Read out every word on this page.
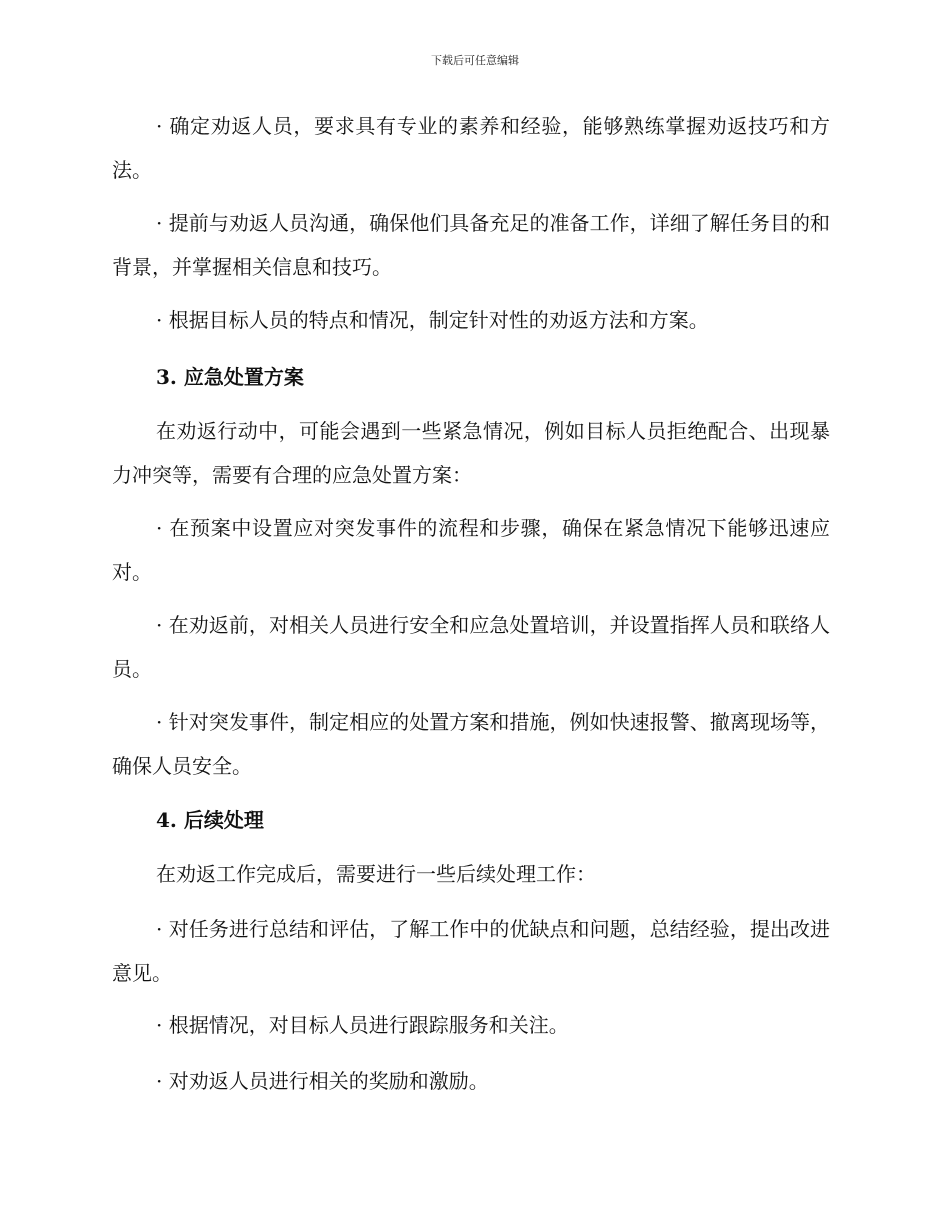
下载后可任意编辑

· 确定劝返人员，要求具有专业的素养和经验，能够熟练掌握劝返技巧和方法。

· 提前与劝返人员沟通，确保他们具备充足的准备工作，详细了解任务目的和背景，并掌握相关信息和技巧。

· 根据目标人员的特点和情况，制定针对性的劝返方法和方案。

3. 应急处置方案

在劝返行动中，可能会遇到一些紧急情况，例如目标人员拒绝配合、出现暴力冲突等，需要有合理的应急处置方案：

· 在预案中设置应对突发事件的流程和步骤，确保在紧急情况下能够迅速应对。

· 在劝返前，对相关人员进行安全和应急处置培训，并设置指挥人员和联络人员。

· 针对突发事件，制定相应的处置方案和措施，例如快速报警、撤离现场等，确保人员安全。

4. 后续处理

在劝返工作完成后，需要进行一些后续处理工作：

· 对任务进行总结和评估，了解工作中的优缺点和问题，总结经验，提出改进意见。

· 根据情况，对目标人员进行跟踪服务和关注。

· 对劝返人员进行相关的奖励和激励。
